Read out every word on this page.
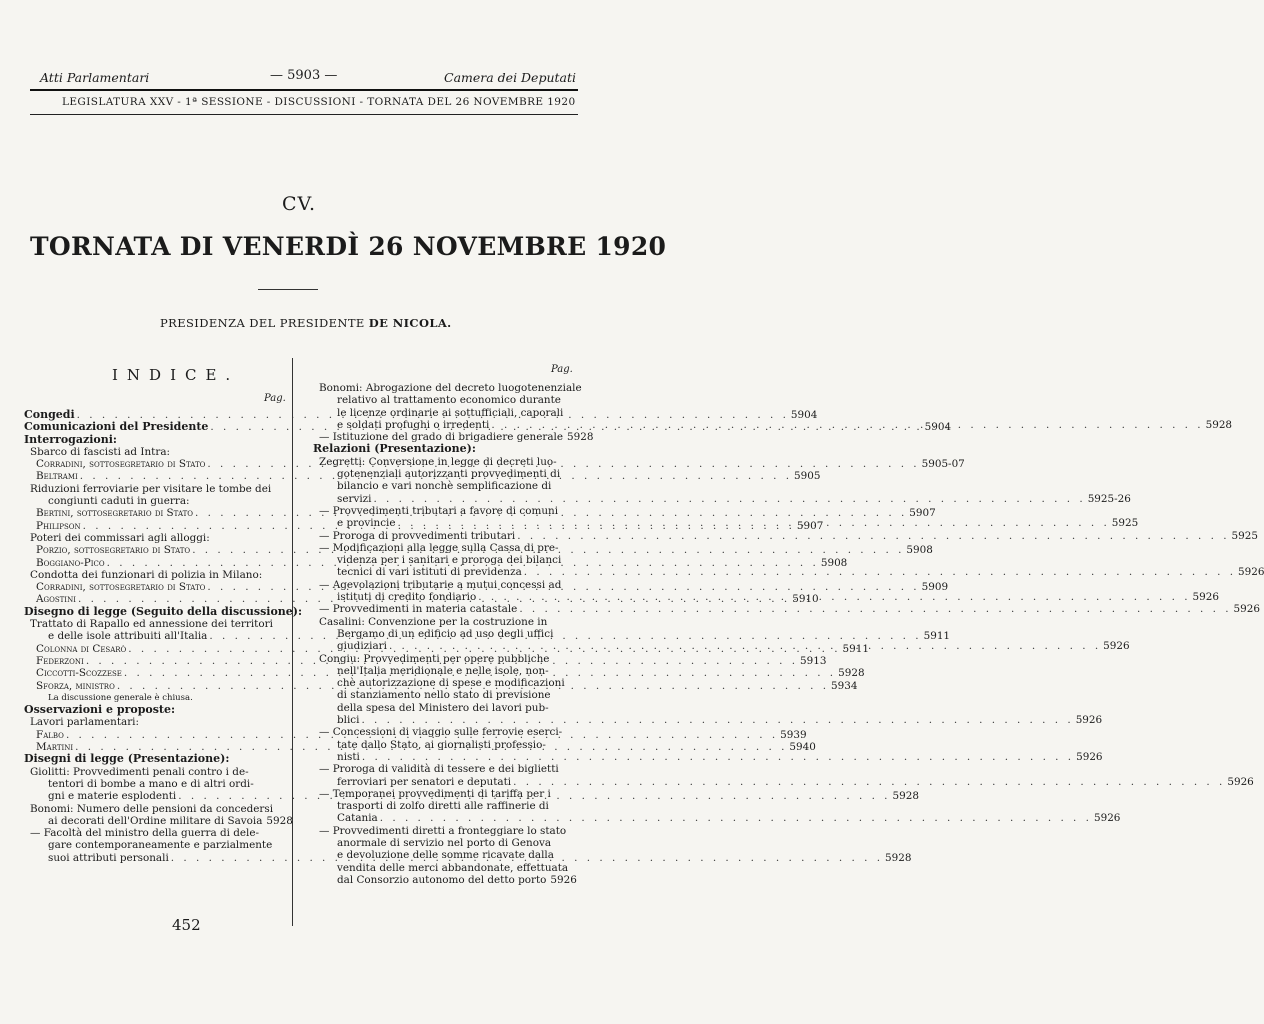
Atti Parlamentari	— 5903 —	Camera dei Deputati
LEGISLATURA XXV - 1ª SESSIONE - DISCUSSIONI - TORNATA DEL 26 NOVEMBRE 1920
CV.
TORNATA DI VENERDÌ 26 NOVEMBRE 1920
PRESIDENZA DEL PRESIDENTE DE NICOLA.
INDICE.
Pag.
Pag.
Congedi . . .	5904
Comunicazioni del Presidente . . .	5904
Interrogazioni:
Sbarco di fascisti ad Intra:
Corradini, sottosegretario di Stato . . .	5905-07
Beltrami . . .	5905
Riduzioni ferroviarie per visitare le tombe dei
congiunti caduti in guerra:
Bertini, sottosegretario di Stato . . .	5907
Philipson . . .	5907
Poteri dei commissari agli alloggi:
Porzio, sottosegretario di Stato . . .	5908
Boggiano-Pico . . .	5908
Condotta dei funzionari di polizia in Milano:
Corradini, sottosegretario di Stato . . .	5909
Agostini . . .	5910
Disegno di legge (Seguito della discussione):
Trattato di Rapallo ed annessione dei territori
e delle isole attribuiti all'Italia . . .	5911
Colonna di Cesarò . . .	5911
Federzoni . . .	5913
Ciccotti-Scozzese . . .	5928
Sforza, ministro . . .	5934
La discussione generale è chiusa.
Osservazioni e proposte:
Lavori parlamentari:
Falbo . . .	5939
Martini . . .	5940
Disegni di legge (Presentazione):
Giolitti: Provvedimenti penali contro i de-
tentori di bombe a mano e di altri ordi-
gni e materie esplodenti . . .	5928
Bonomi: Numero delle pensioni da concedersi
ai decorati dell'Ordine militare di Savoia 5928
— Facoltà del ministro della guerra di dele-
gare contemporaneamente e parzialmente
suoi attributi personali . . .	5928
Bonomi: Abrogazione del decreto luogotenenziale
relativo al trattamento economico durante
le licenze ordinarie ai sottufficiali, caporali
e soldati profughi o irredenti . . .	5928
— Istituzione del grado di brigadiere generale 5928
Relazioni (Presentazione):
Zegretti: Conversione in legge di decreti luo-
gotenenziali autorizzanti provvedimenti di
bilancio e vari nonchè semplificazione di
servizi . . .	5925-26
— Provvedimenti tributari a favore di comuni
e provincie . . .	5925
— Proroga di provvedimenti tributari . . .	5925
— Modificazioni alla legge sulla Cassa di pre-
videnza per i sanitari e proroga dei bilanci
tecnici di vari istituti di previdenza . . .	5926
— Agevolazioni tributarie a mutui concessi ad
istituti di credito fondiario . . .	5926
— Provvedimenti in materia catastale . . .	5926
Casalini: Convenzione per la costruzione in
Bergamo di un edificio ad uso degli uffici
giudiziari . . .	5926
Congiu: Provvedimenti per opere pubbliche
nell'Italia meridionale e nelle isole, non-
chè autorizzazione di spese e modificazioni
di stanziamento nello stato di previsione
della spesa del Ministero dei lavori pub-
blici . . .	5926
— Concessioni di viaggio sulle ferrovie eserci-
tate dallo Stato, ai giornalisti professio-
nisti . . .	5926
— Proroga di validità di tessere e dei biglietti
ferroviari per senatori e deputati . . .	5926
— Temporanei provvedimenti di tariffa per i
trasporti di zolfo diretti alle raffinerie di
Catania . . .	5926
— Provvedimenti diretti a fronteggiare lo stato
anormale di servizio nel porto di Genova
e devoluzione delle somme ricavate dalla
vendita delle merci abbandonate, effettuata
dal Consorzio autonomo del detto porto 5926
452
